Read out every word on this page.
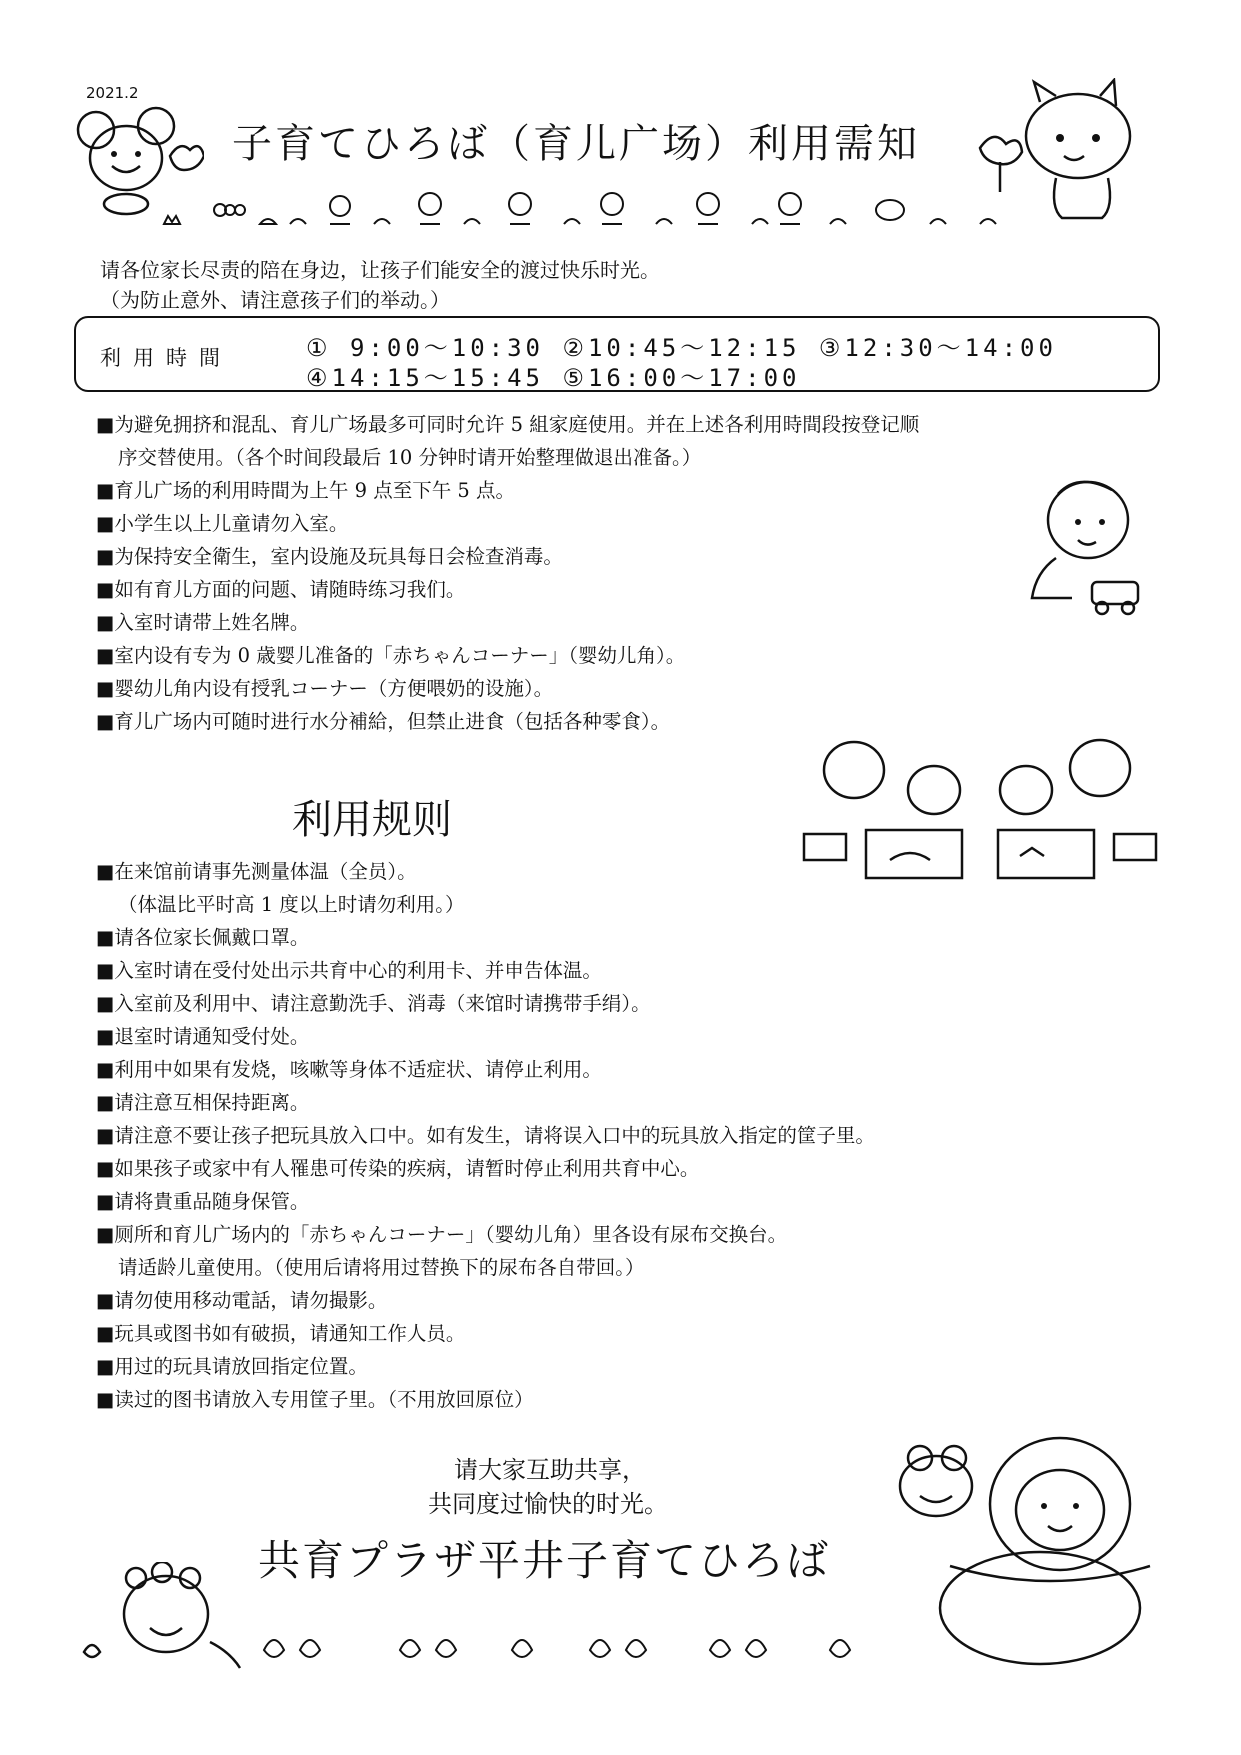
2021.2
子育てひろば（育儿广场）利用需知
请各位家长尽责的陪在身边，让孩子们能安全的渡过快乐时光。
（为防止意外、请注意孩子们的举动。）
利用時間	① 9:00～10:30 ②10:45～12:15 ③12:30～14:00
④14:15～15:45 ⑤16:00～17:00
■为避免拥挤和混乱、育儿广场最多可同时允许 5 組家庭使用。并在上述各利用時間段按登记顺
序交替使用。（各个时间段最后 10 分钟时请开始整理做退出准备。）
■育儿广场的利用時間为上午 9 点至下午 5 点。
■小学生以上儿童请勿入室。
■为保持安全衛生，室内设施及玩具每日会检查消毒。
■如有育儿方面的问题、请随時练习我们。
■入室时请带上姓名牌。
■室内设有专为 0 歳婴儿准备的「赤ちゃんコーナー」（婴幼儿角）。
■婴幼儿角内设有授乳コーナー（方便喂奶的设施）。
■育儿广场内可随时进行水分補給，但禁止进食（包括各种零食）。
利用规则
■在来馆前请事先测量体温（全员）。
（体温比平时高 1 度以上时请勿利用。）
■请各位家长佩戴口罩。
■入室时请在受付处出示共育中心的利用卡、并申告体温。
■入室前及利用中、请注意勤洗手、消毒（来馆时请携带手绢）。
■退室时请通知受付处。
■利用中如果有发烧，咳嗽等身体不适症状、请停止利用。
■请注意互相保持距离。
■请注意不要让孩子把玩具放入口中。如有发生，请将误入口中的玩具放入指定的筐子里。
■如果孩子或家中有人罹患可传染的疾病，请暂时停止利用共育中心。
■请将貴重品随身保管。
■厕所和育儿广场内的「赤ちゃんコーナー」（婴幼儿角）里各设有尿布交换台。
请适龄儿童使用。（使用后请将用过替换下的尿布各自带回。）
■请勿使用移动電話，请勿撮影。
■玩具或图书如有破损，请通知工作人员。
■用过的玩具请放回指定位置。
■读过的图书请放入专用筐子里。（不用放回原位）
请大家互助共享，
共同度过愉快的时光。
共育プラザ平井子育てひろば
